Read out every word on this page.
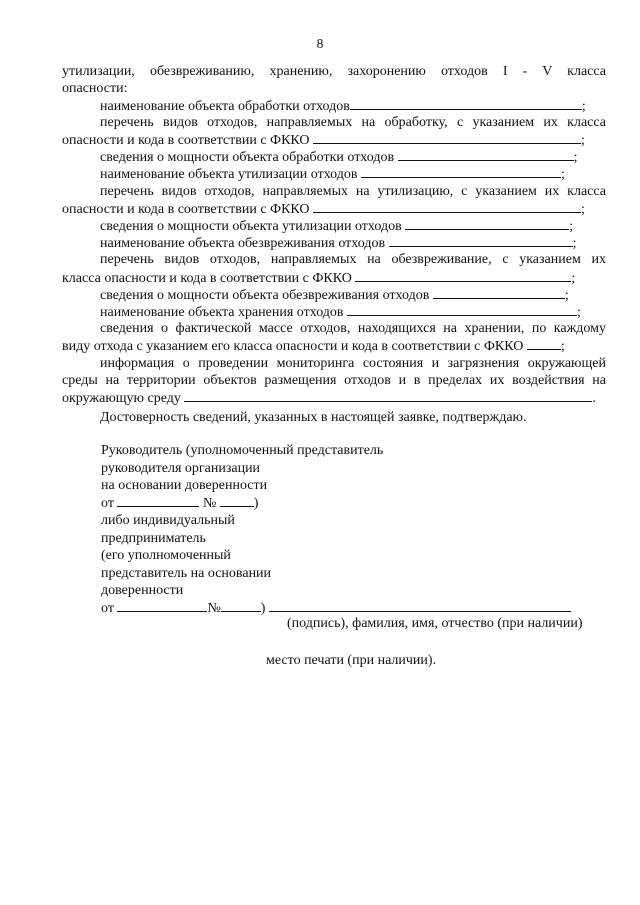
8

утилизации, обезвреживанию, хранению, захоронению отходов I - V класса

опасности:

наименование объекта обработки отходов	;

перечень видов отходов, направляемых на обработку, с указанием их класса

опасности и кода в соответствии с ФККО	;

сведения о мощности объекта обработки отходов	;

наименование объекта утилизации отходов	;

перечень видов отходов, направляемых на утилизацию, с указанием их класса

опасности и кода в соответствии с ФККО	;

сведения о мощности объекта утилизации отходов	;

наименование объекта обезвреживания отходов	;

перечень видов отходов, направляемых на обезвреживание, с указанием их

класса опасности и кода в соответствии с ФККО	;

сведения о мощности объекта обезвреживания отходов	;

наименование объекта хранения отходов	;

сведения о фактической массе отходов, находящихся на хранении, по каждому

виду отхода с указанием его класса опасности и кода в соответствии с ФККО	;

информация о проведении мониторинга состояния и загрязнения окружающей

среды на территории объектов размещения отходов и в пределах их воздействия на

окружающую среду	.

Достоверность сведений, указанных в настоящей заявке, подтверждаю.

Руководитель (уполномоченный представитель
руководителя организации
на основании доверенности
от	№	)
либо индивидуальный
предприниматель
(его уполномоченный
представитель на основании
доверенности
от	№	)
(подпись), фамилия, имя, отчество (при наличии)
место печати (при наличии).
